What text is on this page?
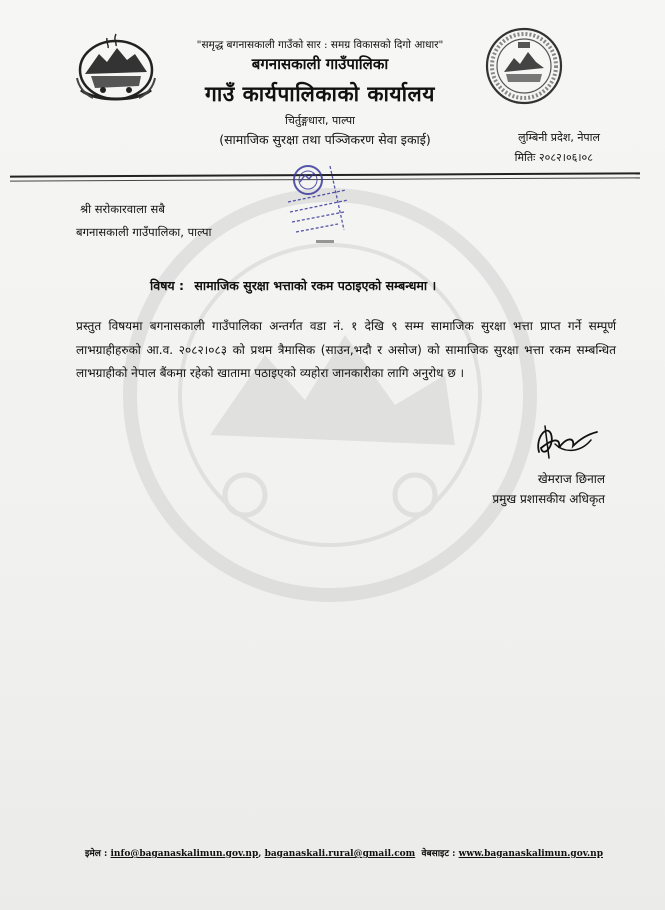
"समृद्ध बगनासकाली गाउँको सार : समग्र विकासको दिगो आधार"
बगनासकाली गाउँपालिका
गाउँ कार्यपालिकाको कार्यालय
चिर्तुङ्गधारा, पाल्पा
(सामाजिक सुरक्षा तथा पञ्जिकरण सेवा इकाई)	लुम्बिनी प्रदेश, नेपाल
मितिः २०८२।०६।०८
श्री सरोकारवाला सबै
बगनासकाली गाउँपालिका, पाल्पा
विषय : सामाजिक सुरक्षा भत्ताको रकम पठाइएको सम्बन्धमा ।
प्रस्तुत विषयमा बगनासकाली गाउँपालिका अन्तर्गत वडा नं. १ देखि ९ सम्म सामाजिक सुरक्षा भत्ता प्राप्त गर्ने सम्पूर्ण लाभग्राहीहरुको आ.व. २०८२।०८३ को प्रथम त्रैमासिक (साउन,भदौ र असोज) को सामाजिक सुरक्षा भत्ता रकम सम्बन्धित लाभग्राहीको नेपाल बैंकमा रहेको खातामा पठाइएको व्यहोरा जानकारीका लागि अनुरोध छ ।
खेमराज छिनाल
प्रमुख प्रशासकीय अधिकृत
इमेल : info@baganaskalimun.gov.np, baganaskali.rural@gmail.com वेबसाइट : www.baganaskalimun.gov.np
